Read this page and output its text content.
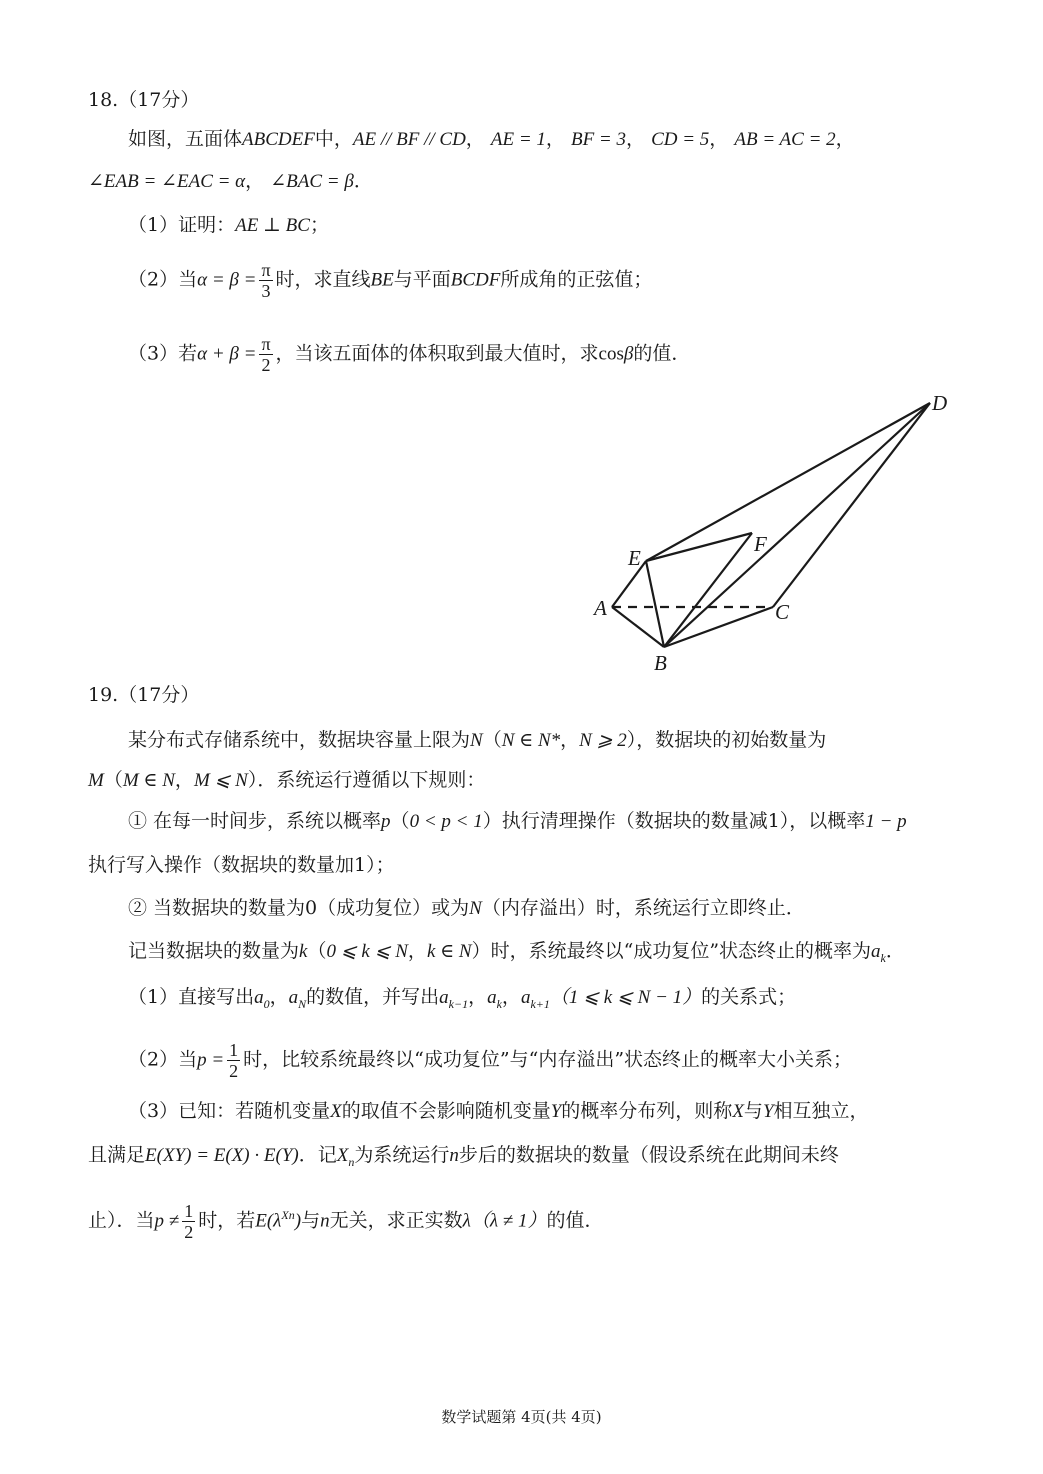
18.（17分）
如图，五面体ABCDEF中，AE // BF // CD， AE = 1， BF = 3， CD = 5， AB = AC = 2，
∠EAB = ∠EAC = α， ∠BAC = β．
（1）证明：AE ⊥ BC；
（2）当$\alpha = \beta = \frac{\pi}{3}$ 时，求直线BE与平面BCDF所成角的正弦值；
（3）若$\alpha + \beta = \frac{\pi}{2}$ ，当该五面体的体积取到最大值时，求cosβ的值．
D
F
E
A	C
B
19.（17分）
某分布式存储系统中，数据块容量上限为N（N ∈ N*，N ⩾ 2），数据块的初始数量为
M（M ∈ N，M ⩽ N）．系统运行遵循以下规则：
① 在每一时间步，系统以概率p（0 < p < 1）执行清理操作（数据块的数量减1），以概率1 − p
执行写入操作（数据块的数量加1）；
② 当数据块的数量为0（成功复位）或为N（内存溢出）时，系统运行立即终止．
记当数据块的数量为k（0 ⩽ k ⩽ N，k ∈ N）时，系统最终以“成功复位”状态终止的概率为$a_k$．
（1）直接写出$a_0$，$a_N$的数值，并写出$a_{k-1}$，$a_k$，$a_{k+1}(1$ ⩽ k ⩽ N − 1）的关系式；
（2）当$p = \frac{1}{2}$ 时，比较系统最终以“成功复位”与“内存溢出”状态终止的概率大小关系；
（3）已知：若随机变量X的取值不会影响随机变量Y的概率分布列，则称X与Y相互独立，
且满足E(XY) = E(X) · E(Y)．记$X_n$为系统运行n步后的数据块的数量（假设系统在此期间未终
止）．当$p \ne \frac{1}{2}$ 时，若$E(\lambda^{Xn})$与n无关，求正实数λ（λ ≠ 1）的值．
数学试题第 4页(共 4页)
